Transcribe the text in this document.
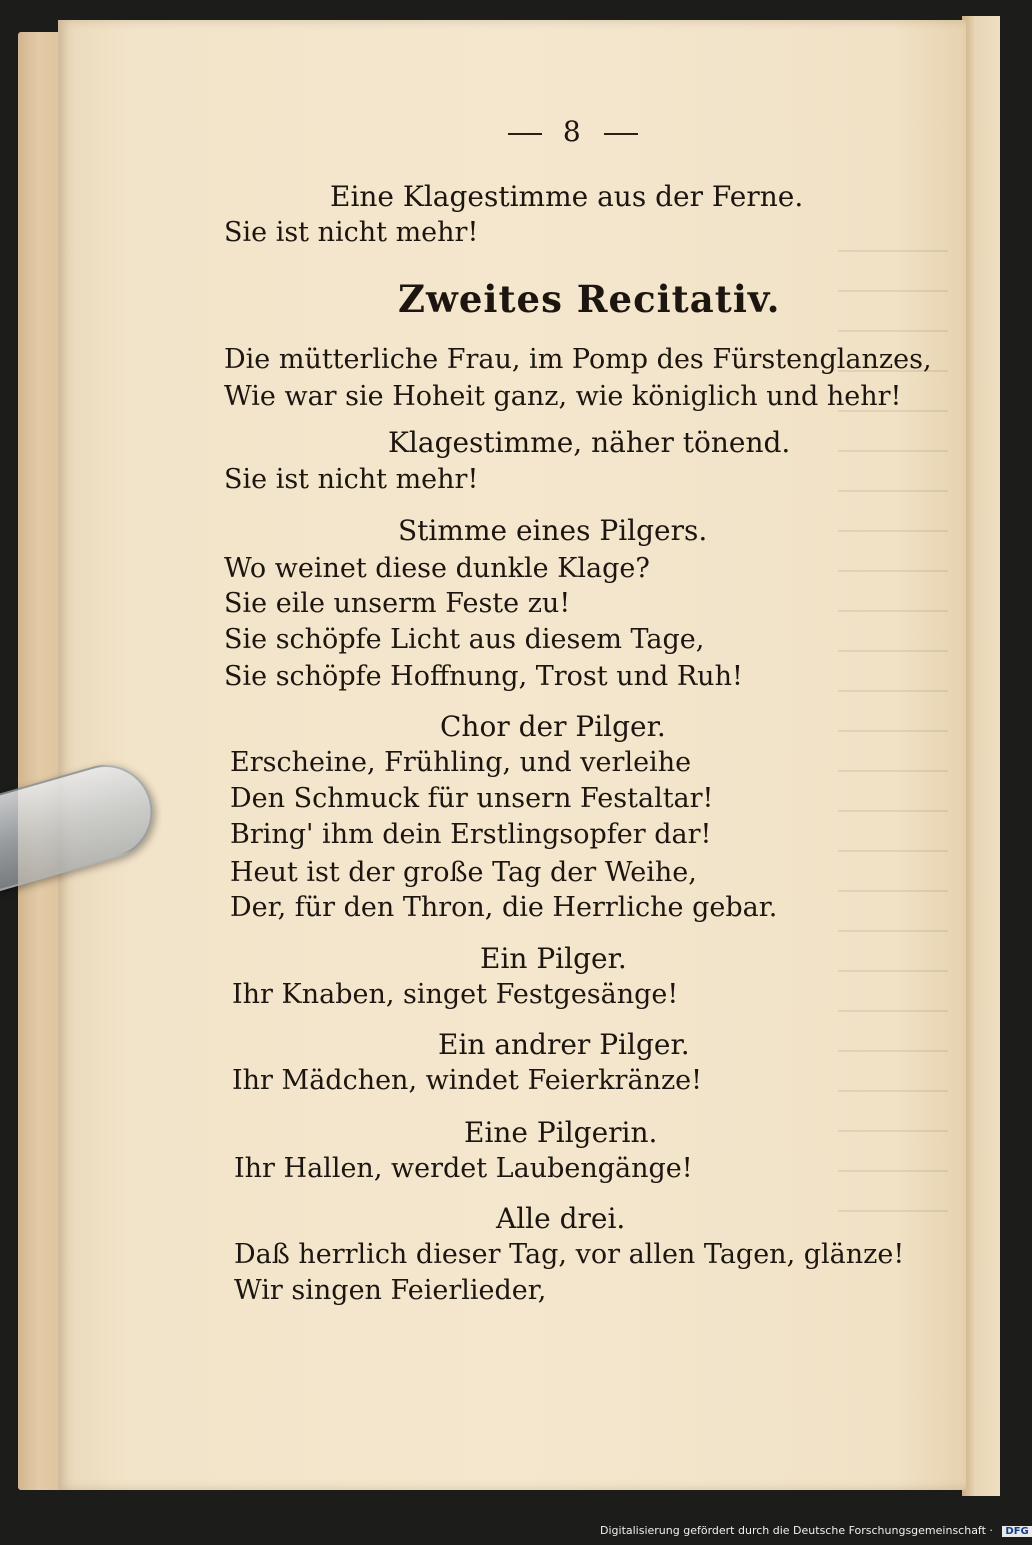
8
Eine Klagestimme aus der Ferne.
Sie ist nicht mehr!
Zweites Recitativ.
Die mütterliche Frau, im Pomp des Fürstenglanzes,
Wie war sie Hoheit ganz, wie königlich und hehr!
Klagestimme, näher tönend.
Sie ist nicht mehr!
Stimme eines Pilgers.
Wo weinet diese dunkle Klage?
Sie eile unserm Feste zu!
Sie schöpfe Licht aus diesem Tage,
Sie schöpfe Hoffnung, Trost und Ruh!
Chor der Pilger.
Erscheine, Frühling, und verleihe
Den Schmuck für unsern Festaltar!
Bring' ihm dein Erstlingsopfer dar!
Heut ist der große Tag der Weihe,
Der, für den Thron, die Herrliche gebar.
Ein Pilger.
Ihr Knaben, singet Festgesänge!
Ein andrer Pilger.
Ihr Mädchen, windet Feierkränze!
Eine Pilgerin.
Ihr Hallen, werdet Laubengänge!
Alle drei.
Daß herrlich dieser Tag, vor allen Tagen, glänze!
Wir singen Feierlieder,
Digitalisierung gefördert durch die Deutsche Forschungsgemeinschaft · DFG
